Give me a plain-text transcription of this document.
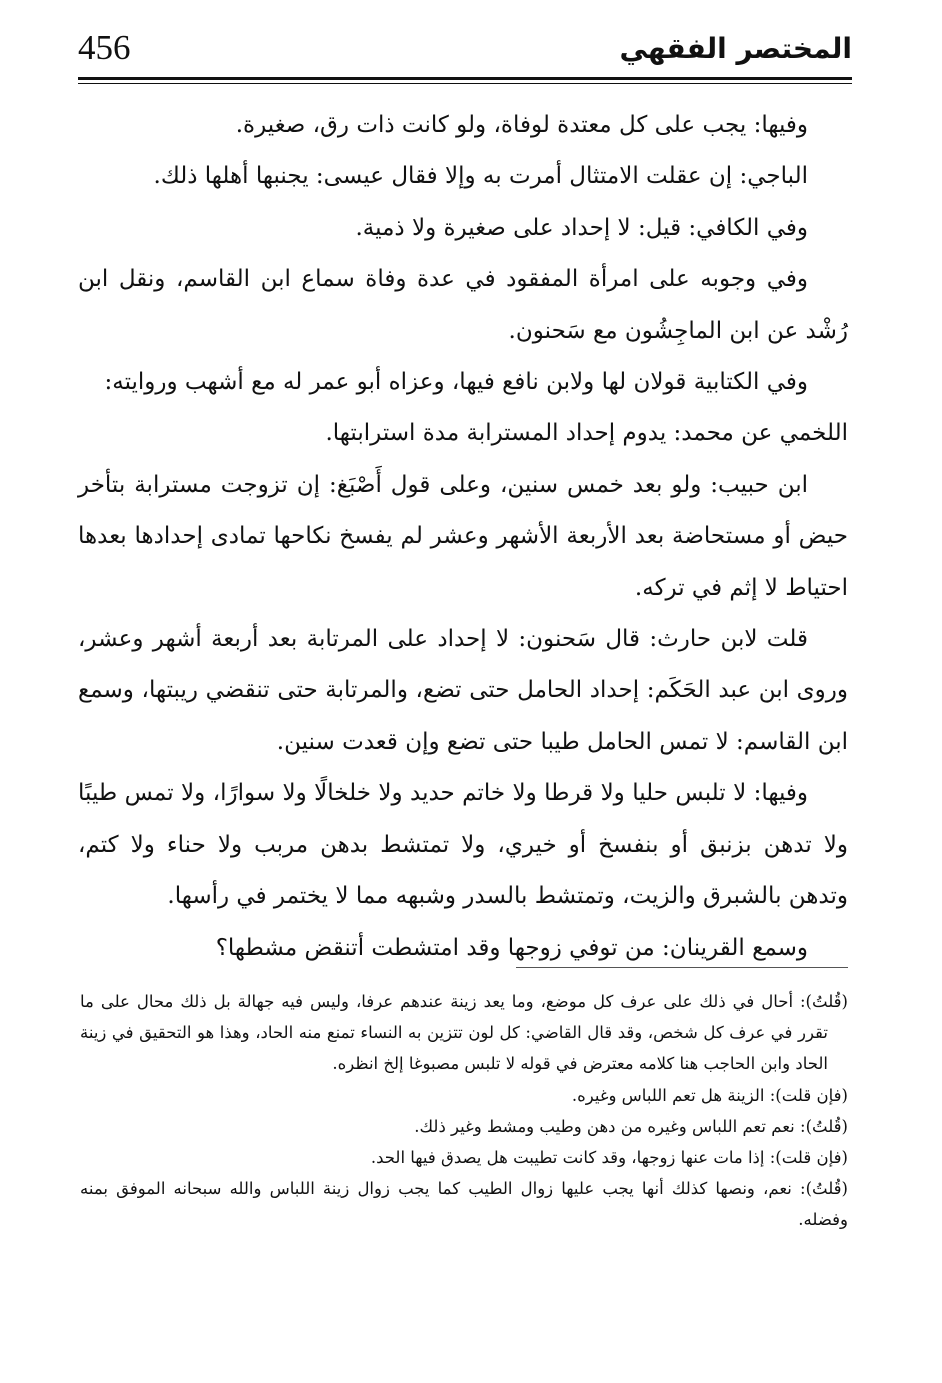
456	المختصر الفقهي

وفيها: يجب على كل معتدة لوفاة، ولو كانت ذات رق، صغيرة.

الباجي: إن عقلت الامتثال أمرت به وإلا فقال عيسى: يجنبها أهلها ذلك.

وفي الكافي: قيل: لا إحداد على صغيرة ولا ذمية.

وفي وجوبه على امرأة المفقود في عدة وفاة سماع ابن القاسم، ونقل ابن رُشْد عن ابن الماجِشُون مع سَحنون.

وفي الكتابية قولان لها ولابن نافع فيها، وعزاه أبو عمر له مع أشهب وروايته:

اللخمي عن محمد: يدوم إحداد المسترابة مدة استرابتها.

ابن حبيب: ولو بعد خمس سنين، وعلى قول أَصْبَغ: إن تزوجت مسترابة بتأخر حيض أو مستحاضة بعد الأربعة الأشهر وعشر لم يفسخ نكاحها تمادى إحدادها بعدها احتياط لا إثم في تركه.

قلت لابن حارث: قال سَحنون: لا إحداد على المرتابة بعد أربعة أشهر وعشر، وروى ابن عبد الحَكَم: إحداد الحامل حتى تضع، والمرتابة حتى تنقضي ريبتها، وسمع ابن القاسم: لا تمس الحامل طيبا حتى تضع وإن قعدت سنين.

وفيها: لا تلبس حليا ولا قرطا ولا خاتم حديد ولا خلخالًا ولا سوارًا، ولا تمس طيبًا ولا تدهن بزنبق أو بنفسخ أو خيري، ولا تمتشط بدهن مربب ولا حناء ولا كتم، وتدهن بالشبرق والزيت، وتمتشط بالسدر وشبهه مما لا يختمر في رأسها.

وسمع القرينان: من توفي زوجها وقد امتشطت أتنقض مشطها؟

(قُلتُ): أحال في ذلك على عرف كل موضع، وما يعد زينة عندهم عرفا، وليس فيه جهالة بل ذلك محال على ما تقرر في عرف كل شخص، وقد قال القاضي: كل لون تتزين به النساء تمنع منه الحاد، وهذا هو التحقيق في زينة الحاد وابن الحاجب هنا كلامه معترض في قوله لا تلبس مصبوغا إلخ انظره.

(فإن قلت): الزينة هل تعم اللباس وغيره.

(قُلتُ): نعم تعم اللباس وغيره من دهن وطيب ومشط وغير ذلك.

(فإن قلت): إذا مات عنها زوجها، وقد كانت تطيبت هل يصدق فيها الحد.

(قُلتُ): نعم، ونصها كذلك أنها يجب عليها زوال الطيب كما يجب زوال زينة اللباس والله سبحانه الموفق بمنه وفضله.
